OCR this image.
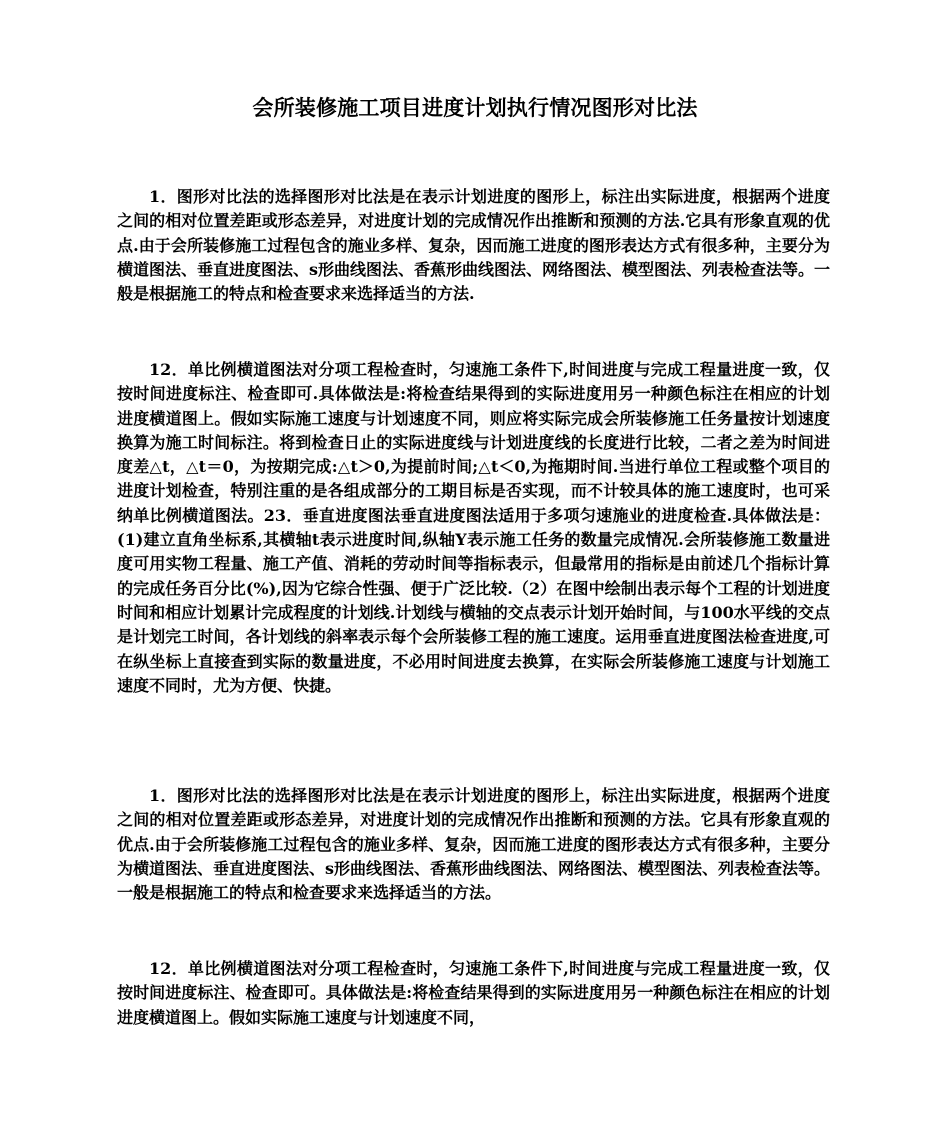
会所装修施工项目进度计划执行情况图形对比法

1．图形对比法的选择图形对比法是在表示计划进度的图形上，标注出实际进度，根据两个进度之间的相对位置差距或形态差异，对进度计划的完成情况作出推断和预测的方法.它具有形象直观的优点.由于会所装修施工过程包含的施业多样、复杂，因而施工进度的图形表达方式有很多种，主要分为横道图法、垂直进度图法、s形曲线图法、香蕉形曲线图法、网络图法、模型图法、列表检查法等。一般是根据施工的特点和检查要求来选择适当的方法.

12．单比例横道图法对分项工程检查时，匀速施工条件下,时间进度与完成工程量进度一致，仅按时间进度标注、检查即可.具体做法是:将检查结果得到的实际进度用另一种颜色标注在相应的计划进度横道图上。假如实际施工速度与计划速度不同，则应将实际完成会所装修施工任务量按计划速度换算为施工时间标注。将到检查日止的实际进度线与计划进度线的长度进行比较，二者之差为时间进度差△t，△t＝0，为按期完成:△t＞0,为提前时间;△t＜0,为拖期时间.当进行单位工程或整个项目的进度计划检查，特别注重的是各组成部分的工期目标是否实现，而不计较具体的施工速度时，也可采纳单比例横道图法。23．垂直进度图法垂直进度图法适用于多项匀速施业的进度检查.具体做法是：(1)建立直角坐标系,其横轴t表示进度时间,纵轴Y表示施工任务的数量完成情况.会所装修施工数量进度可用实物工程量、施工产值、消耗的劳动时间等指标表示，但最常用的指标是由前述几个指标计算的完成任务百分比(%),因为它综合性强、便于广泛比较.（2）在图中绘制出表示每个工程的计划进度时间和相应计划累计完成程度的计划线.计划线与横轴的交点表示计划开始时间，与100水平线的交点是计划完工时间，各计划线的斜率表示每个会所装修工程的施工速度。运用垂直进度图法检查进度,可在纵坐标上直接查到实际的数量进度，不必用时间进度去换算，在实际会所装修施工速度与计划施工速度不同时，尤为方便、快捷。

1．图形对比法的选择图形对比法是在表示计划进度的图形上，标注出实际进度，根据两个进度之间的相对位置差距或形态差异，对进度计划的完成情况作出推断和预测的方法。它具有形象直观的优点.由于会所装修施工过程包含的施业多样、复杂，因而施工进度的图形表达方式有很多种，主要分为横道图法、垂直进度图法、s形曲线图法、香蕉形曲线图法、网络图法、模型图法、列表检查法等。一般是根据施工的特点和检查要求来选择适当的方法。

12．单比例横道图法对分项工程检查时，匀速施工条件下,时间进度与完成工程量进度一致，仅按时间进度标注、检查即可。具体做法是:将检查结果得到的实际进度用另一种颜色标注在相应的计划进度横道图上。假如实际施工速度与计划速度不同，
